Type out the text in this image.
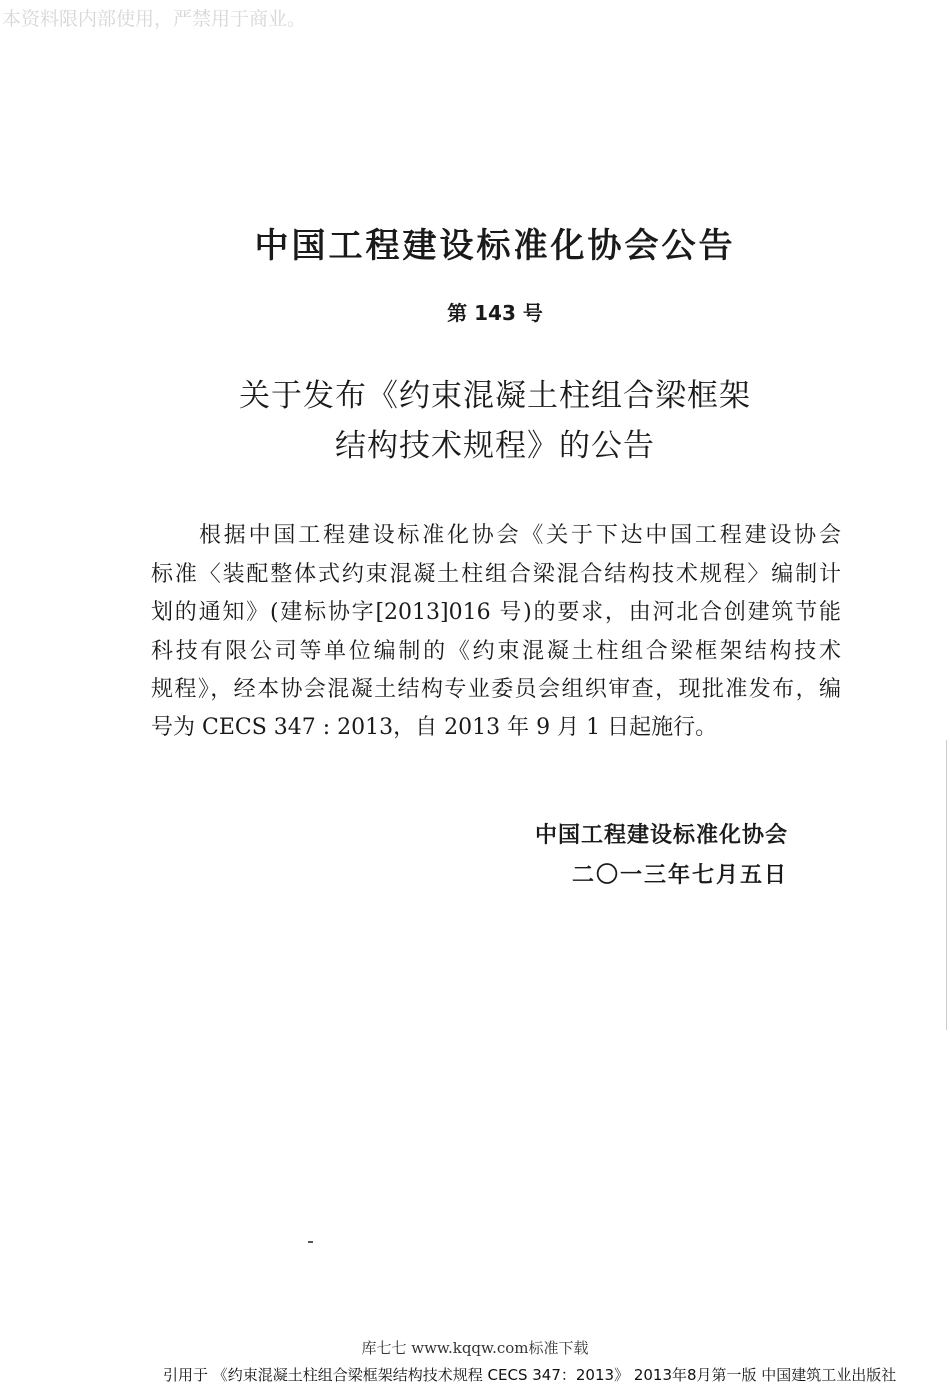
本资料限内部使用，严禁用于商业。
中国工程建设标准化协会公告
第 143 号
关于发布《约束混凝土柱组合梁框架
结构技术规程》的公告
根据中国工程建设标准化协会《关于下达中国工程建设协会
标准〈装配整体式约束混凝土柱组合梁混合结构技术规程〉编制计
划的通知》(建标协字[2013]016 号)的要求，由河北合创建筑节能
科技有限公司等单位编制的《约束混凝土柱组合梁框架结构技术
规程》，经本协会混凝土结构专业委员会组织审查，现批准发布，编
号为 CECS 347 : 2013，自 2013 年 9 月 1 日起施行。
中国工程建设标准化协会
二〇一三年七月五日
库七七 www.kqqw.com标准下载
引用于 《约束混凝土柱组合梁框架结构技术规程 CECS 347：2013》 2013年8月第一版 中国建筑工业出版社
